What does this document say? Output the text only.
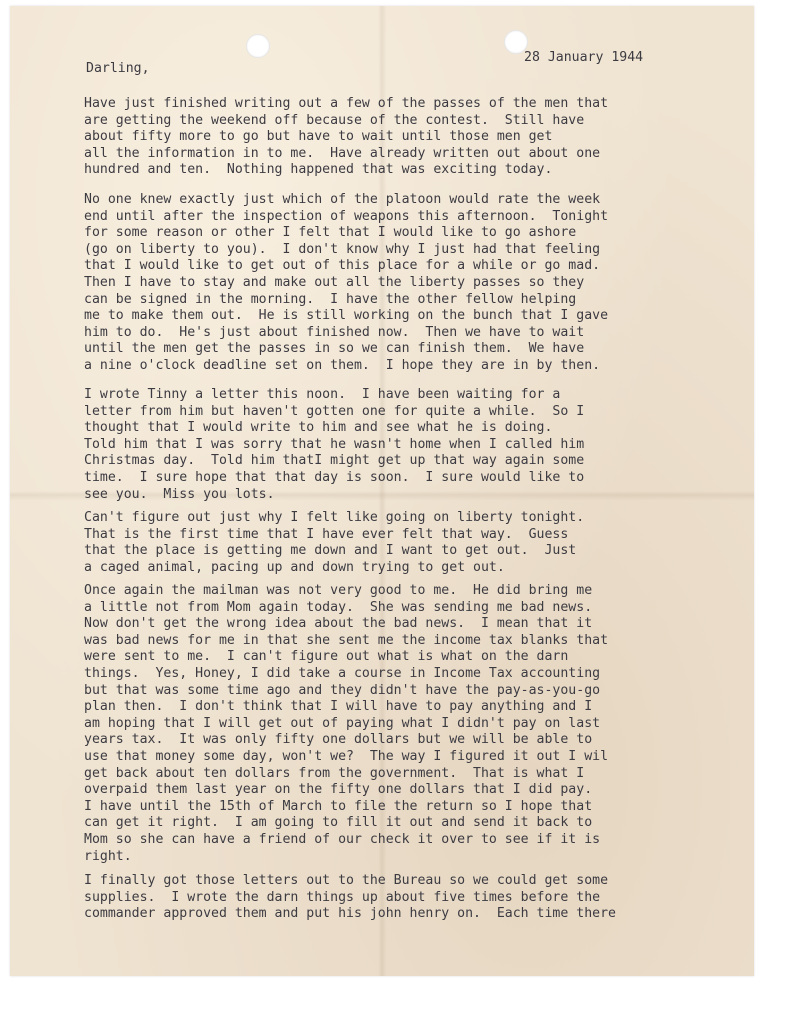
28 January 1944
Darling,
Have just finished writing out a few of the passes of the men that
are getting the weekend off because of the contest.  Still have
about fifty more to go but have to wait until those men get
all the information in to me.  Have already written out about one
hundred and ten.  Nothing happened that was exciting today.
No one knew exactly just which of the platoon would rate the week
end until after the inspection of weapons this afternoon.  Tonight
for some reason or other I felt that I would like to go ashore
(go on liberty to you).  I don't know why I just had that feeling
that I would like to get out of this place for a while or go mad.
Then I have to stay and make out all the liberty passes so they
can be signed in the morning.  I have the other fellow helping
me to make them out.  He is still working on the bunch that I gave
him to do.  He's just about finished now.  Then we have to wait
until the men get the passes in so we can finish them.  We have
a nine o'clock deadline set on them.  I hope they are in by then.
I wrote Tinny a letter this noon.  I have been waiting for a
letter from him but haven't gotten one for quite a while.  So I
thought that I would write to him and see what he is doing.
Told him that I was sorry that he wasn't home when I called him
Christmas day.  Told him thatI might get up that way again some
time.  I sure hope that that day is soon.  I sure would like to
see you.  Miss you lots.
Can't figure out just why I felt like going on liberty tonight.
That is the first time that I have ever felt that way.  Guess
that the place is getting me down and I want to get out.  Just
a caged animal, pacing up and down trying to get out.
Once again the mailman was not very good to me.  He did bring me
a little not from Mom again today.  She was sending me bad news.
Now don't get the wrong idea about the bad news.  I mean that it
was bad news for me in that she sent me the income tax blanks that
were sent to me.  I can't figure out what is what on the darn
things.  Yes, Honey, I did take a course in Income Tax accounting
but that was some time ago and they didn't have the pay-as-you-go
plan then.  I don't think that I will have to pay anything and I
am hoping that I will get out of paying what I didn't pay on last
years tax.  It was only fifty one dollars but we will be able to
use that money some day, won't we?  The way I figured it out I wil
get back about ten dollars from the government.  That is what I
overpaid them last year on the fifty one dollars that I did pay.
I have until the 15th of March to file the return so I hope that
can get it right.  I am going to fill it out and send it back to
Mom so she can have a friend of our check it over to see if it is
right.
I finally got those letters out to the Bureau so we could get some
supplies.  I wrote the darn things up about five times before the
commander approved them and put his john henry on.  Each time there
